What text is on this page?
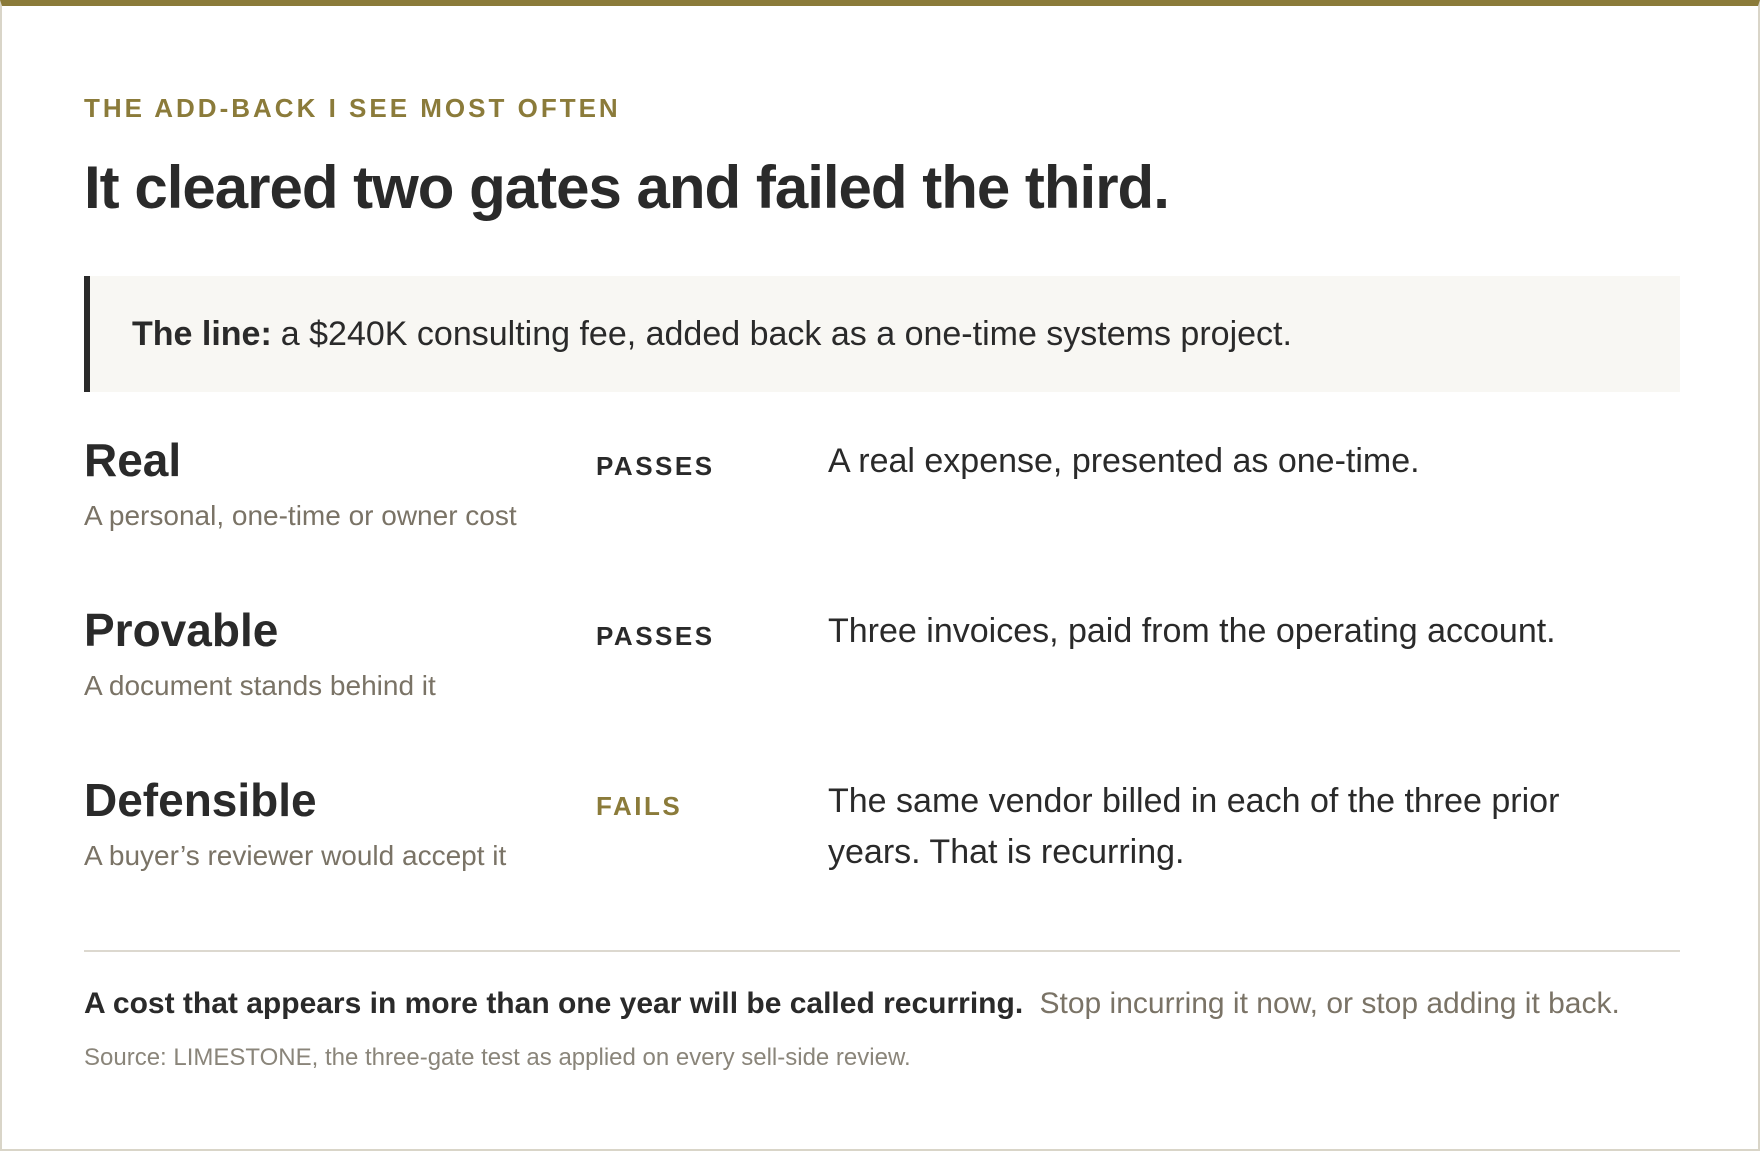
THE ADD-BACK I SEE MOST OFTEN

It cleared two gates and failed the third.
The line: a $240K consulting fee, added back as a one-time systems project.
Real
A personal, one-time or owner cost
PASSES	A real expense, presented as one-time.
Provable
A document stands behind it
PASSES	Three invoices, paid from the operating account.
Defensible
A buyer’s reviewer would accept it
FAILS	The same vendor billed in each of the three prior years. That is recurring.
A cost that appears in more than one year will be called recurring. Stop incurring it now, or stop adding it back.
Source: LIMESTONE, the three-gate test as applied on every sell-side review.
